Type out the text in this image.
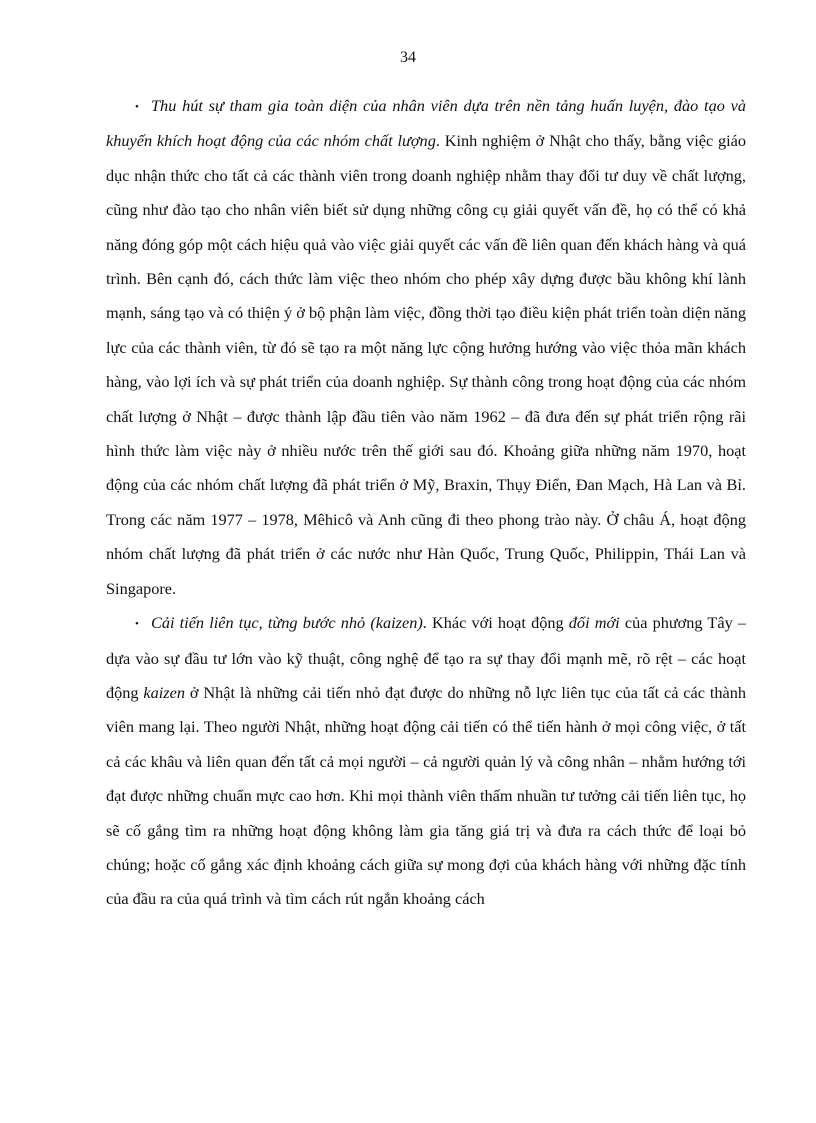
34

• Thu hút sự tham gia toàn diện của nhân viên dựa trên nền tảng huấn luyện, đào tạo và khuyến khích hoạt động của các nhóm chất lượng. Kinh nghiệm ở Nhật cho thấy, bằng việc giáo dục nhận thức cho tất cả các thành viên trong doanh nghiệp nhằm thay đổi tư duy về chất lượng, cũng như đào tạo cho nhân viên biết sử dụng những công cụ giải quyết vấn đề, họ có thể có khả năng đóng góp một cách hiệu quả vào việc giải quyết các vấn đề liên quan đến khách hàng và quá trình. Bên cạnh đó, cách thức làm việc theo nhóm cho phép xây dựng được bầu không khí lành mạnh, sáng tạo và có thiện ý ở bộ phận làm việc, đồng thời tạo điều kiện phát triển toàn diện năng lực của các thành viên, từ đó sẽ tạo ra một năng lực cộng hưởng hướng vào việc thỏa mãn khách hàng, vào lợi ích và sự phát triển của doanh nghiệp. Sự thành công trong hoạt động của các nhóm chất lượng ở Nhật – được thành lập đầu tiên vào năm 1962 – đã đưa đến sự phát triển rộng rãi hình thức làm việc này ở nhiều nước trên thế giới sau đó. Khoảng giữa những năm 1970, hoạt động của các nhóm chất lượng đã phát triển ở Mỹ, Braxin, Thụy Điển, Đan Mạch, Hà Lan và Bỉ. Trong các năm 1977 – 1978, Mêhicô và Anh cũng đi theo phong trào này. Ở châu Á, hoạt động nhóm chất lượng đã phát triển ở các nước như Hàn Quốc, Trung Quốc, Philippin, Thái Lan và Singapore.

• Cải tiến liên tục, từng bước nhỏ (kaizen). Khác với hoạt động đổi mới của phương Tây – dựa vào sự đầu tư lớn vào kỹ thuật, công nghệ để tạo ra sự thay đổi mạnh mẽ, rõ rệt – các hoạt động kaizen ở Nhật là những cải tiến nhỏ đạt được do những nỗ lực liên tục của tất cả các thành viên mang lại. Theo người Nhật, những hoạt động cải tiến có thể tiến hành ở mọi công việc, ở tất cả các khâu và liên quan đến tất cả mọi người – cả người quản lý và công nhân – nhằm hướng tới đạt được những chuẩn mực cao hơn. Khi mọi thành viên thấm nhuần tư tưởng cải tiến liên tục, họ sẽ cố gắng tìm ra những hoạt động không làm gia tăng giá trị và đưa ra cách thức để loại bỏ chúng; hoặc cố gắng xác định khoảng cách giữa sự mong đợi của khách hàng với những đặc tính của đầu ra của quá trình và tìm cách rút ngắn khoảng cách
